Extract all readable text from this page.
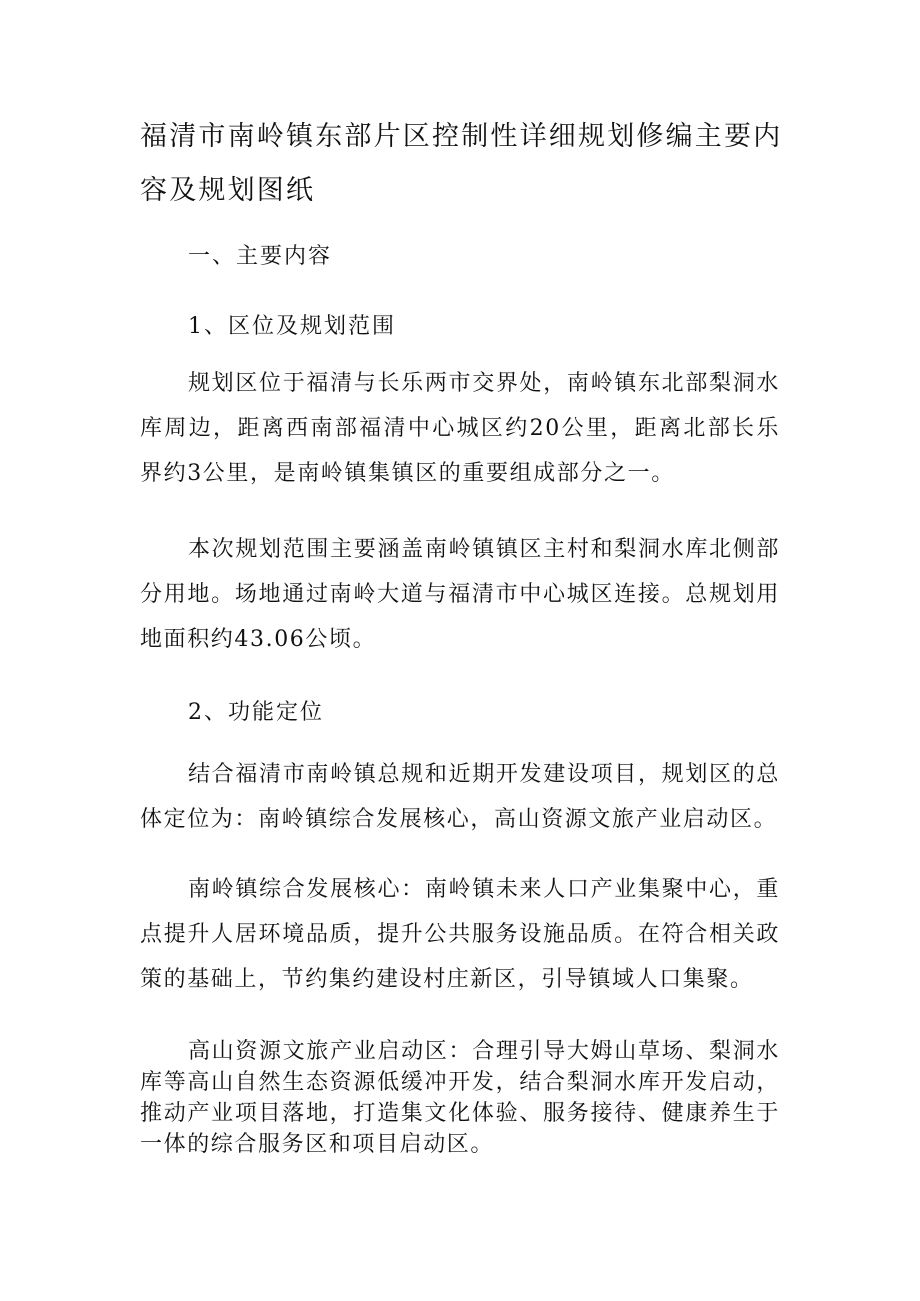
福清市南岭镇东部片区控制性详细规划修编主要内容及规划图纸
一、主要内容
1、区位及规划范围

规划区位于福清与长乐两市交界处，南岭镇东北部梨洞水库周边，距离西南部福清中心城区约20公里，距离北部长乐界约3公里，是南岭镇集镇区的重要组成部分之一。

本次规划范围主要涵盖南岭镇镇区主村和梨洞水库北侧部分用地。场地通过南岭大道与福清市中心城区连接。总规划用地面积约43.06公顷。

2、功能定位

结合福清市南岭镇总规和近期开发建设项目，规划区的总体定位为：南岭镇综合发展核心，高山资源文旅产业启动区。

南岭镇综合发展核心：南岭镇未来人口产业集聚中心，重点提升人居环境品质，提升公共服务设施品质。在符合相关政策的基础上，节约集约建设村庄新区，引导镇域人口集聚。

高山资源文旅产业启动区：合理引导大姆山草场、梨洞水库等高山自然生态资源低缓冲开发，结合梨洞水库开发启动，推动产业项目落地，打造集文化体验、服务接待、健康养生于一体的综合服务区和项目启动区。
